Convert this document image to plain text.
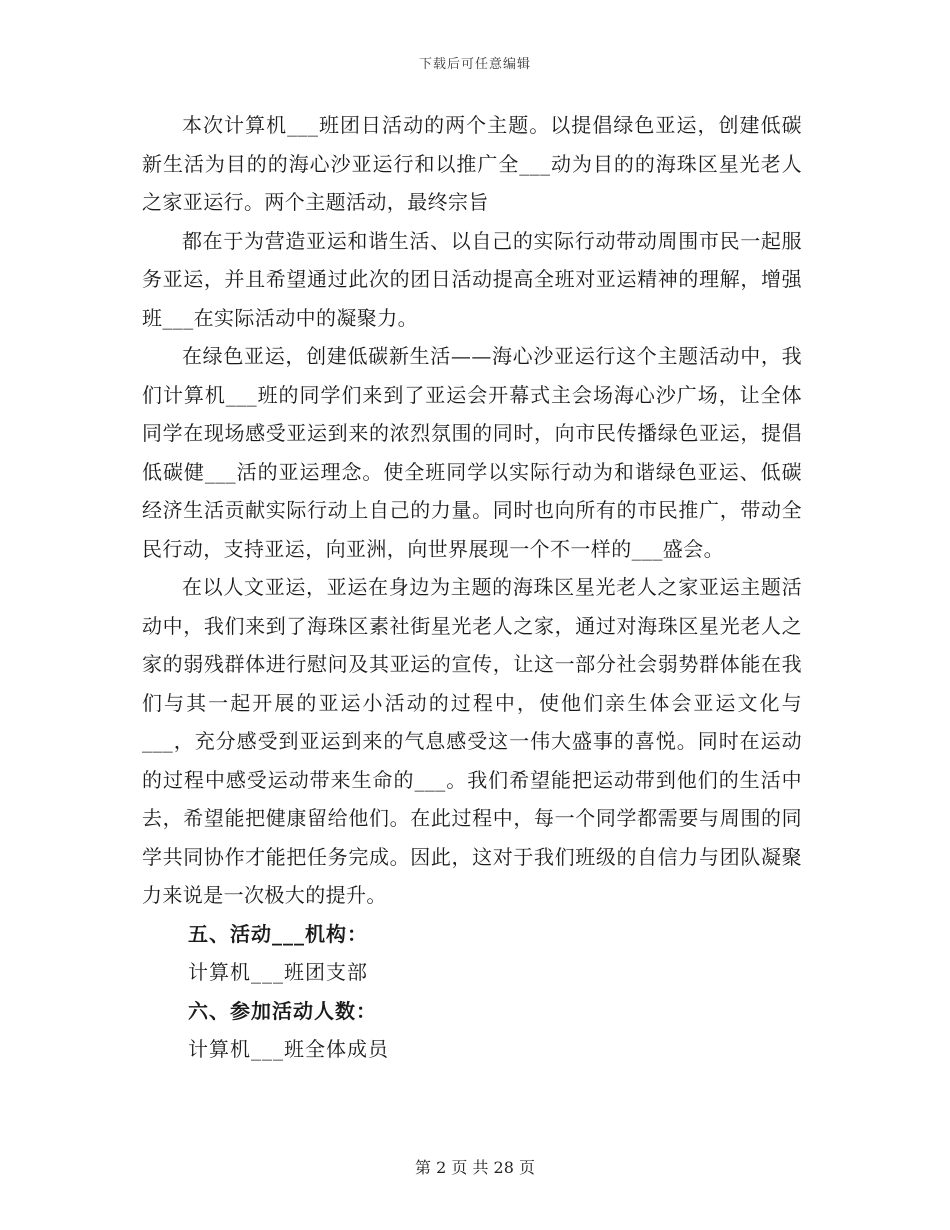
下载后可任意编辑

本次计算机___班团日活动的两个主题。以提倡绿色亚运，创建低碳新生活为目的的海心沙亚运行和以推广全___动为目的的海珠区星光老人之家亚运行。两个主题活动，最终宗旨

都在于为营造亚运和谐生活、以自己的实际行动带动周围市民一起服务亚运，并且希望通过此次的团日活动提高全班对亚运精神的理解，增强班___在实际活动中的凝聚力。

在绿色亚运，创建低碳新生活——海心沙亚运行这个主题活动中，我们计算机___班的同学们来到了亚运会开幕式主会场海心沙广场，让全体同学在现场感受亚运到来的浓烈氛围的同时，向市民传播绿色亚运，提倡低碳健___活的亚运理念。使全班同学以实际行动为和谐绿色亚运、低碳经济生活贡献实际行动上自己的力量。同时也向所有的市民推广，带动全民行动，支持亚运，向亚洲，向世界展现一个不一样的___盛会。

在以人文亚运，亚运在身边为主题的海珠区星光老人之家亚运主题活动中，我们来到了海珠区素社街星光老人之家，通过对海珠区星光老人之家的弱残群体进行慰问及其亚运的宣传，让这一部分社会弱势群体能在我们与其一起开展的亚运小活动的过程中，使他们亲生体会亚运文化与___，充分感受到亚运到来的气息感受这一伟大盛事的喜悦。同时在运动的过程中感受运动带来生命的___。我们希望能把运动带到他们的生活中去，希望能把健康留给他们。在此过程中，每一个同学都需要与周围的同学共同协作才能把任务完成。因此，这对于我们班级的自信力与团队凝聚力来说是一次极大的提升。

五、活动___机构：

计算机___班团支部

六、参加活动人数：

计算机___班全体成员

第 2 页 共 28 页
